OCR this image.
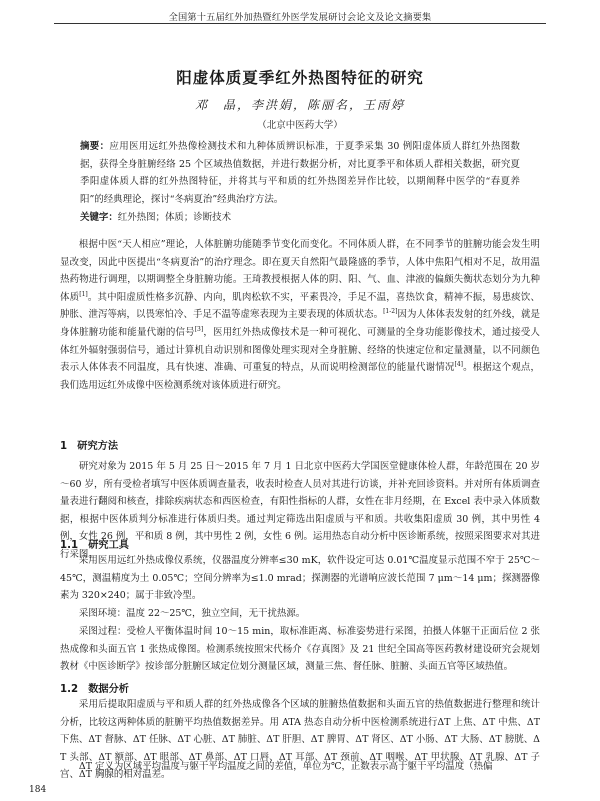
全国第十五届红外加热暨红外医学发展研讨会论文及论文摘要集
阳虚体质夏季红外热图特征的研究
邓　晶，李洪娟，陈丽名，王雨婷
（北京中医药大学）
摘要：应用医用远红外热像检测技术和九种体质辨识标准，于夏季采集 30 例阳虚体质人群红外热图数据，获得全身脏腑经络 25 个区域热值数据，并进行数据分析，对比夏季平和体质人群相关数据，研究夏季阳虚体质人群的红外热图特征，并将其与平和质的红外热图差异作比较，以期阐释中医学的“春夏养阳”的经典理论，探讨“冬病夏治”经典治疗方法。
关键字：红外热图；体质；诊断技术
根据中医“天人相应”理论，人体脏腑功能随季节变化而变化。不同体质人群，在不同季节的脏腑功能会发生明显改变，因此中医提出“冬病夏治”的治疗理念。即在夏天自然阳气最隆盛的季节，人体中焦阳气相对不足，故用温热药物进行调理，以期调整全身脏腑功能。王琦教授根据人体的阴、阳、气、血、津液的偏颇失衡状态划分为九种体质[1]。其中阳虚质性格多沉静、内向，肌肉松软不实，平素畏冷，手足不温，喜热饮食，精神不振，易患痰饮、肿胀、泄泻等病，以畏寒怕冷、手足不温等虚寒表现为主要表现的体质状态。[1-2]因为人体体表发射的红外线，就是身体脏腑功能和能量代谢的信号[3]，医用红外热成像技术是一种可视化、可测量的全身功能影像技术，通过接受人体红外辐射强弱信号，通过计算机自动识别和图像处理实现对全身脏腑、经络的快速定位和定量测量，以不同颜色表示人体体表不同温度，具有快速、准确、可重复的特点，从而说明检测部位的能量代谢情况[4]。根据这个观点，我们选用远红外成像中医检测系统对该体质进行研究。
1　研究方法
研究对象为 2015 年 5 月 25 日～2015 年 7 月 1 日北京中医药大学国医堂健康体检人群，年龄范围在 20 岁～60 岁，所有受检者填写中医体质调查量表，收表时检查人员对其进行访谈，并补充回诊资料。并对所有体质调查量表进行翻阅和核查，排除疾病状态和西医检查，有阳性指标的人群，女性在非月经期，在 Excel 表中录入体质数据，根据中医体质判分标准进行体质归类。通过判定筛选出阳虚质与平和质。共收集阳虚质 30 例，其中男性 4 例，女性 26 例，平和质 8 例，其中男性 2 例，女性 6 例。运用热态自动分析中医诊断系统，按照采图要求对其进行采图。
1.1　研究工具
采用医用远红外热成像仪系统，仪器温度分辨率≤30 mK，软件设定可达 0.01℃温度显示范围不窄于 25℃～45℃，测温精度为土 0.05℃；空间分辨率为≤1.0 mrad；探测器的光谱响应波长范围 7 μm～14 μm；探测器像素为 320×240；属于非致冷型。
采图环境：温度 22～25℃，独立空间，无干扰热源。
采图过程：受检人平衡体温时间 10～15 min，取标准距离、标准姿势进行采图，拍摄人体躯干正面后位 2 张热成像和头面五官 1 张热成像图。检测系统按照宋代杨介《存真图》及 21 世纪全国高等医药教材建设研究会规划教材《中医诊断学》按诊部分脏腑区域定位划分测量区域，测量三焦、督任脉、脏腑、头面五官等区域热值。
1.2　数据分析
采用后提取阳虚质与平和质人群的红外热成像各个区域的脏腑热值数据和头面五官的热值数据进行整理和统计分析，比较这两种体质的脏腑平均热值数据差异。用 ATA 热态自动分析中医检测系统进行ΔT 上焦、ΔT 中焦、ΔT 下焦、ΔT 督脉、ΔT 任脉、ΔT 心脏、ΔT 肺脏、ΔT 肝胆、ΔT 脾胃、ΔT 肾区、ΔT 小肠、ΔT 大肠、ΔT 膀胱、ΔT 头部、ΔT 额部、ΔT 眼部、ΔT 鼻部、ΔT 口唇、ΔT 耳部、ΔT 颈前、ΔT 咽喉、ΔT 甲状腺、ΔT 乳腺、ΔT 子宫、ΔT 胸腺的相对温差。
ΔT 定义为区域平均温度与躯干平均温度之间的差值，单位为℃，正数表示高于躯干平均温度（热偏
184
